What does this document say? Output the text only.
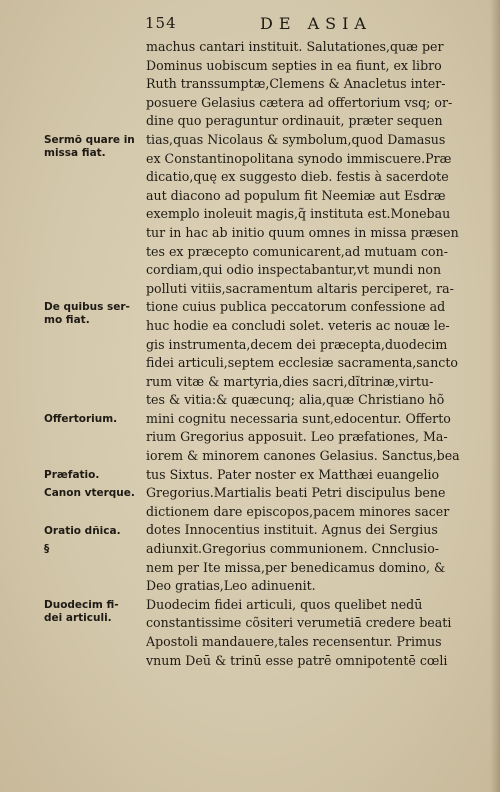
154	DE ASIA
machus cantari instituit. Salutationes,quæ per
Dominus uobiscum septies in ea fiunt, ex libro
Ruth transsumptæ,Clemens & Anacletus inter-
posuere Gelasius cætera ad offertorium vsq; or-
dine quo peraguntur ordinauit, præter sequen
tias,quas Nicolaus & symbolum,quod Damasus
ex Constantinopolitana synodo immiscuere.Præ
dicatio,quę ex suggesto dieb. festis à sacerdote
aut diacono ad populum fit Neemiæ aut Esdræ
exemplo inoleuit magis,q̃ instituta est.Monebau
tur in hac ab initio quum omnes in missa præsen
tes ex præcepto comunicarent,ad mutuam con-
cordiam,qui odio inspectabantur,vt mundi non
polluti vitiis,sacramentum altaris perciperet, ra-
tione cuius publica peccatorum confessione ad
huc hodie ea concludi solet. veteris ac nouæ le-
gis instrumenta,decem dei præcepta,duodecim
fidei articuli,septem ecclesiæ sacramenta,sancto
rum vitæ & martyria,dies sacri,dĩtrinæ,virtu-
tes & vitia:& quæcunq; alia,quæ Christiano hõ
mini cognitu necessaria sunt,edocentur. Offerto
rium Gregorius apposuit. Leo præfationes, Ma-
iorem & minorem canones Gelasius. Sanctus,bea
tus Sixtus. Pater noster ex Matthæi euangelio
Gregorius.Martialis beati Petri discipulus bene
dictionem dare episcopos,pacem minores sacer
dotes Innocentius instituit. Agnus dei Sergius
adiunxit.Gregorius communionem. Cnnclusio-
nem per Ite missa,per benedicamus domino, &
Deo gratias,Leo adinuenit.
Duodecim fidei articuli, quos quelibet nedū
constantissime cõsiteri verumetiā credere beati
Apostoli mandauere,tales recensentur. Primus
vnum Deū & trinū esse patrē omnipotentē cœli
Sermõ quare in
missa fiat.
De quibus ser-
mo fiat.
Offertorium.
Præfatio.
Canon vterque.
Oratio dñica.
§
Duodecim fi-
dei articuli.
